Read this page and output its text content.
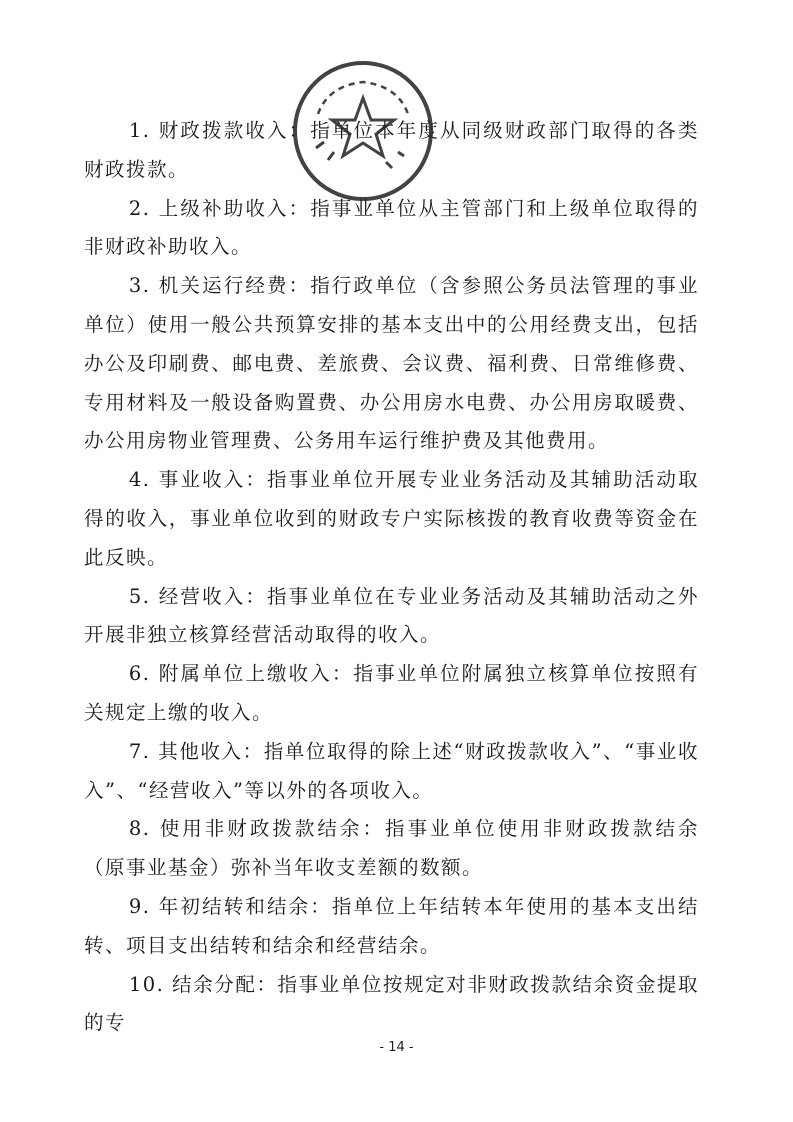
1. 财政拨款收入：指单位本年度从同级财政部门取得的各类财政拨款。

2. 上级补助收入：指事业单位从主管部门和上级单位取得的非财政补助收入。

3. 机关运行经费：指行政单位（含参照公务员法管理的事业单位）使用一般公共预算安排的基本支出中的公用经费支出，包括办公及印刷费、邮电费、差旅费、会议费、福利费、日常维修费、专用材料及一般设备购置费、办公用房水电费、办公用房取暖费、办公用房物业管理费、公务用车运行维护费及其他费用。

4. 事业收入：指事业单位开展专业业务活动及其辅助活动取得的收入，事业单位收到的财政专户实际核拨的教育收费等资金在此反映。

5. 经营收入：指事业单位在专业业务活动及其辅助活动之外开展非独立核算经营活动取得的收入。

6. 附属单位上缴收入：指事业单位附属独立核算单位按照有关规定上缴的收入。

7. 其他收入：指单位取得的除上述“财政拨款收入”、“事业收入”、“经营收入”等以外的各项收入。

8. 使用非财政拨款结余：指事业单位使用非财政拨款结余（原事业基金）弥补当年收支差额的数额。

9. 年初结转和结余：指单位上年结转本年使用的基本支出结转、项目支出结转和结余和经营结余。

10. 结余分配：指事业单位按规定对非财政拨款结余资金提取的专

- 14 -
